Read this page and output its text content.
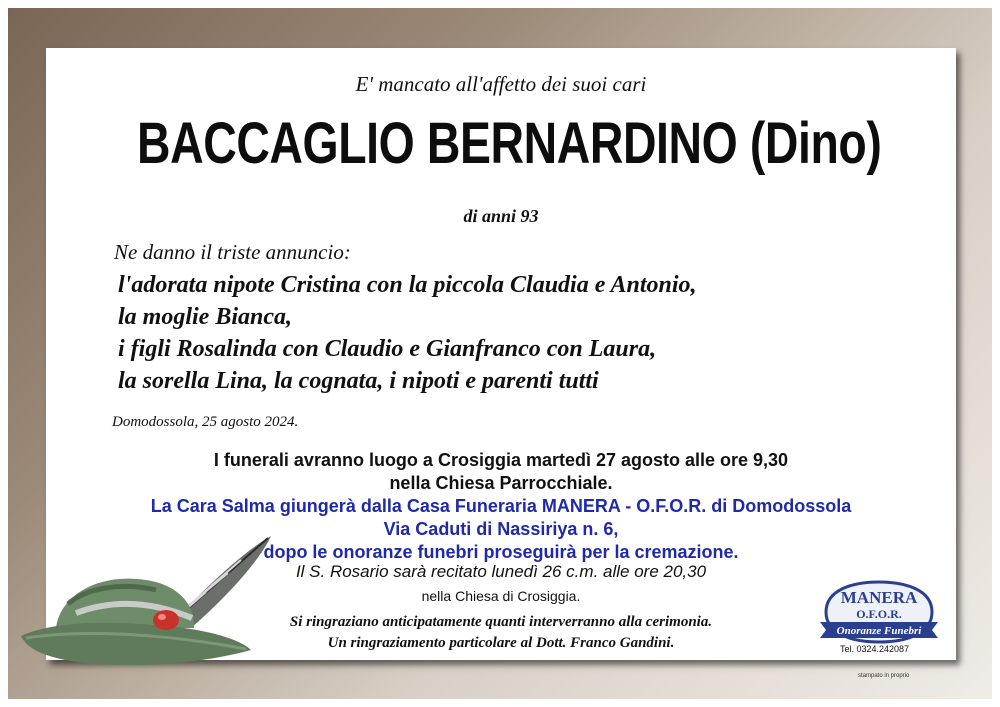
E' mancato all'affetto dei suoi cari
BACCAGLIO BERNARDINO (Dino)
di anni 93
Ne danno il triste annuncio:
l'adorata nipote Cristina con la piccola Claudia e Antonio,
la moglie Bianca,
i figli Rosalinda con Claudio e Gianfranco con Laura,
la sorella Lina, la cognata, i nipoti e parenti tutti
Domodossola, 25 agosto 2024.
I funerali avranno luogo a Crosiggia martedì 27 agosto alle ore 9,30
nella Chiesa Parrocchiale.
La Cara Salma giungerà dalla Casa Funeraria MANERA - O.F.O.R. di Domodossola
Via Caduti di Nassiriya n. 6,
dopo le onoranze funebri proseguirà per la cremazione.
Il S. Rosario sarà recitato lunedì 26 c.m. alle ore 20,30
nella Chiesa di Crosiggia.
Si ringraziano anticipatamente quanti interverranno alla cerimonia.
Un ringraziamento particolare al Dott. Franco Gandini.
MANERA
O.F.O.R.
Onoranze Funebri
Tel. 0324.242087
stampato in proprio
